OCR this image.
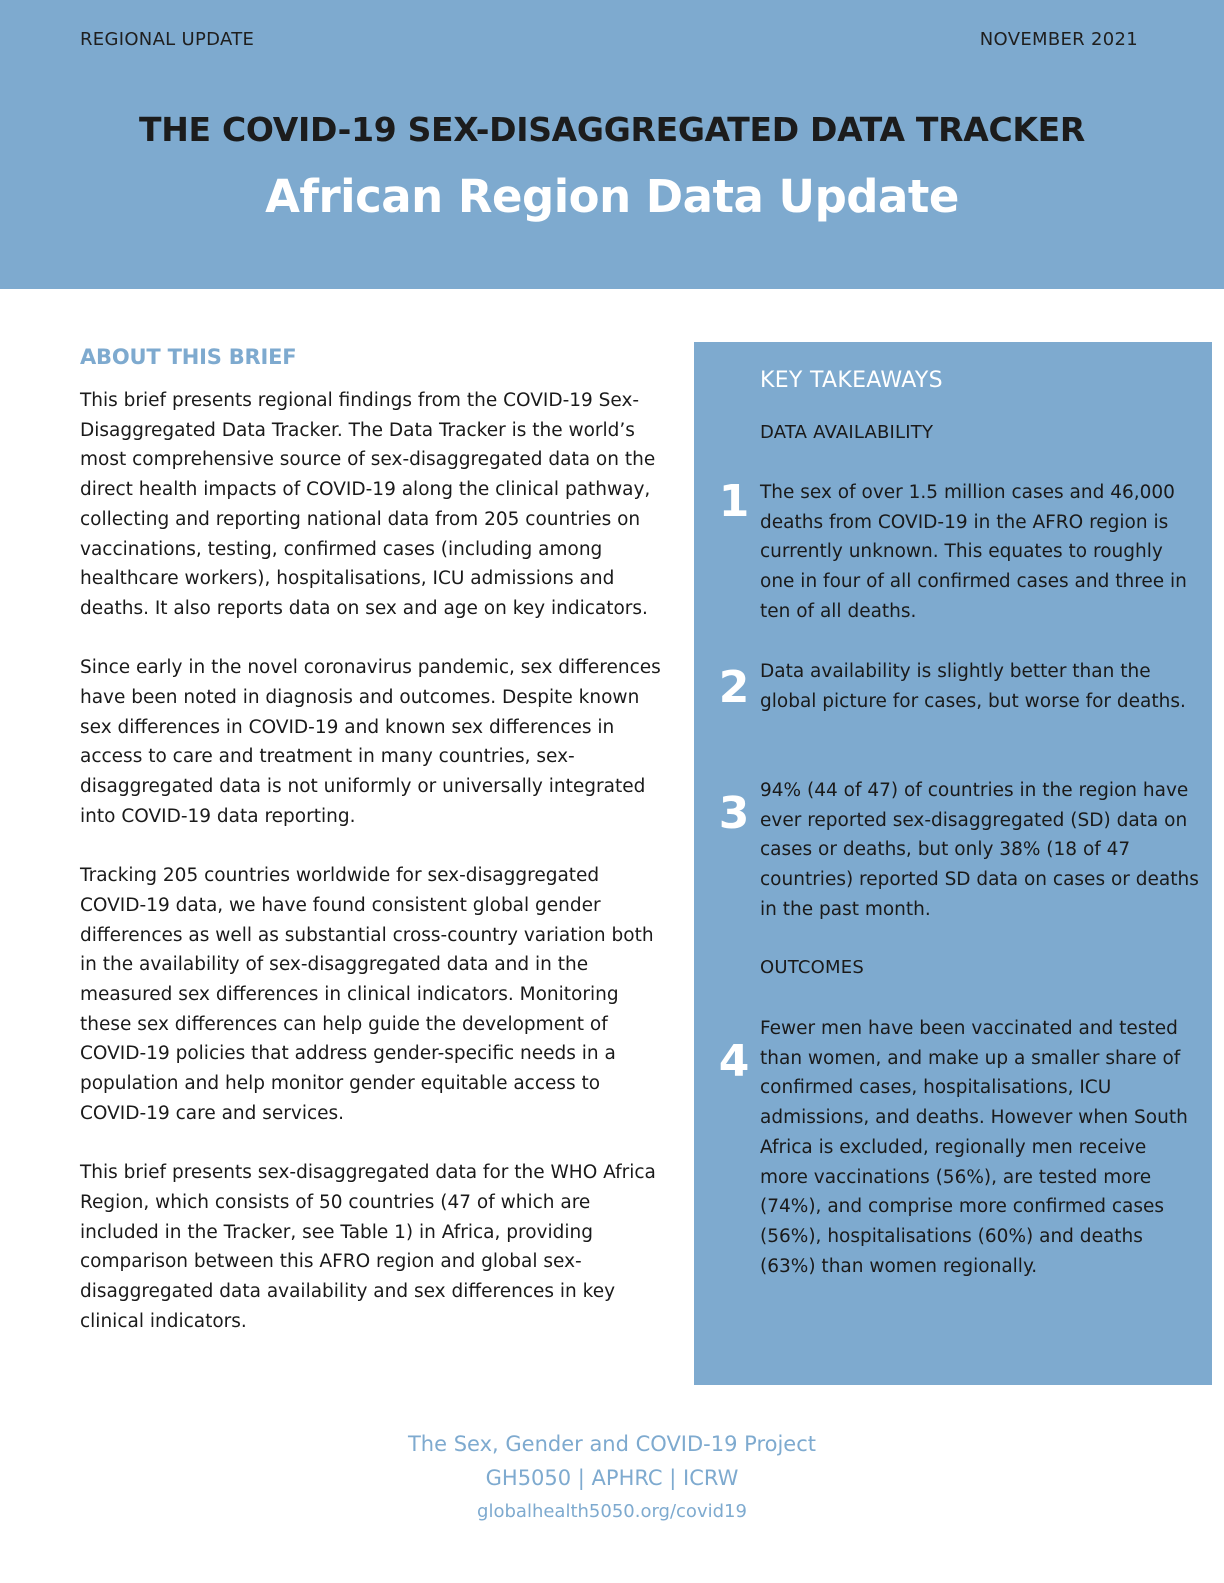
REGIONAL UPDATE	NOVEMBER 2021
THE COVID-19 SEX-DISAGGREGATED DATA TRACKER
African Region Data Update
ABOUT THIS BRIEF

This brief presents regional findings from the COVID-19 Sex-Disaggregated Data Tracker. The Data Tracker is the world’s most comprehensive source of sex-disaggregated data on the direct health impacts of COVID-19 along the clinical pathway, collecting and reporting national data from 205 countries on vaccinations, testing, confirmed cases (including among healthcare workers), hospitalisations, ICU admissions and deaths. It also reports data on sex and age on key indicators.

Since early in the novel coronavirus pandemic, sex differences have been noted in diagnosis and outcomes. Despite known sex differences in COVID-19 and known sex differences in access to care and treatment in many countries, sex-disaggregated data is not uniformly or universally integrated into COVID-19 data reporting.

Tracking 205 countries worldwide for sex-disaggregated COVID-19 data, we have found consistent global gender differences as well as substantial cross-country variation both in the availability of sex-disaggregated data and in the measured sex differences in clinical indicators. Monitoring these sex differences can help guide the development of COVID-19 policies that address gender-specific needs in a population and help monitor gender equitable access to COVID-19 care and services.

This brief presents sex-disaggregated data for the WHO Africa Region, which consists of 50 countries (47 of which are included in the Tracker, see Table 1) in Africa, providing comparison between this AFRO region and global sex-disaggregated data availability and sex differences in key clinical indicators.

KEY TAKEAWAYS
DATA AVAILABILITY
1 The sex of over 1.5 million cases and 46,000 deaths from COVID-19 in the AFRO region is currently unknown. This equates to roughly one in four of all confirmed cases and three in ten of all deaths.
2 Data availability is slightly better than the global picture for cases, but worse for deaths.
3 94% (44 of 47) of countries in the region have ever reported sex-disaggregated (SD) data on cases or deaths, but only 38% (18 of 47 countries) reported SD data on cases or deaths in the past month.
OUTCOMES
4
Fewer men have been vaccinated and tested than women, and make up a smaller share of confirmed cases, hospitalisations, ICU admissions, and deaths. However when South Africa is excluded, regionally men receive more vaccinations (56%), are tested more (74%), and comprise more confirmed cases (56%), hospitalisations (60%) and deaths (63%) than women regionally.
The Sex, Gender and COVID-19 Project
GH5050 | APHRC | ICRW
globalhealth5050.org/covid19
